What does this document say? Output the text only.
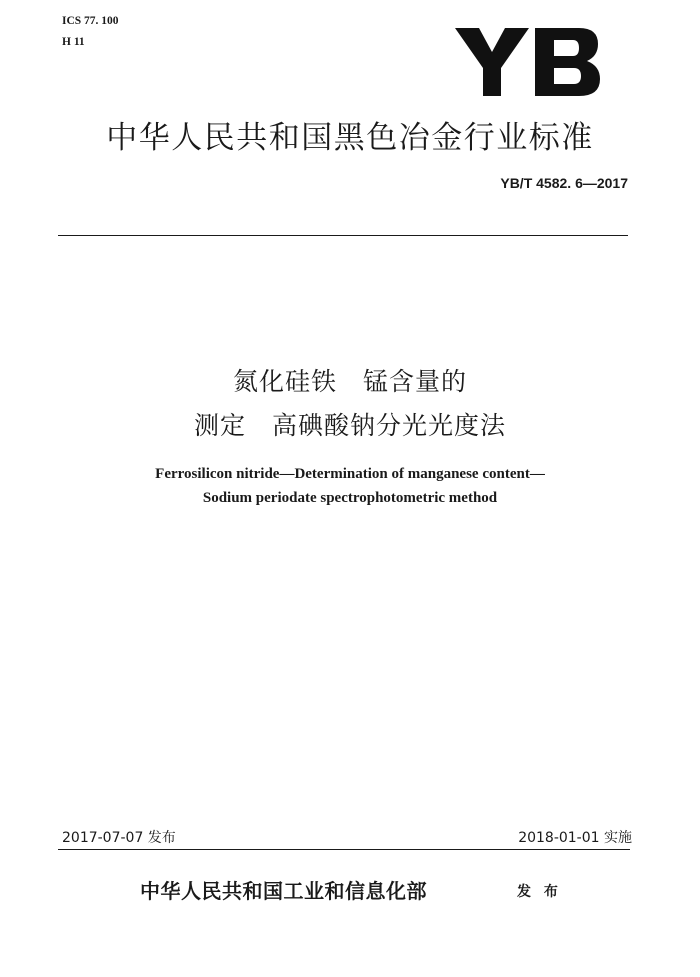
ICS 77. 100
H 11
中华人民共和国黑色冶金行业标准
YB/T 4582. 6—2017
氮化硅铁　锰含量的
测定　高碘酸钠分光光度法
Ferrosilicon nitride—Determination of manganese content—
Sodium periodate spectrophotometric method
2017-07-07 发布	2018-01-01 实施
中华人民共和国工业和信息化部	发 布
